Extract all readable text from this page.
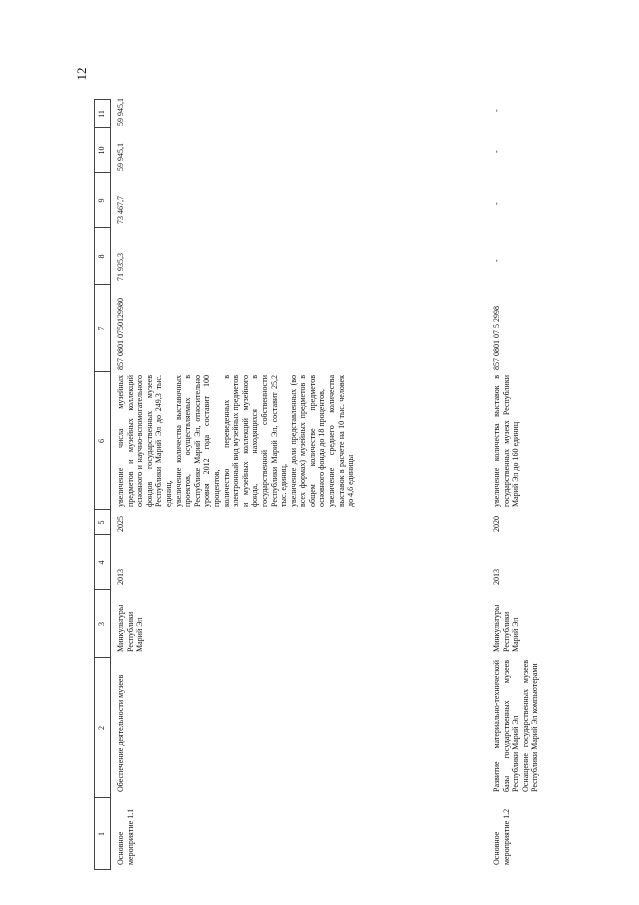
12
1
2
3
4
5
6
7
8
9
10
11
Основное мероприятие 1.1
Обеспечение деятельности музеев
Минкультуры Республики Марий Эл
2013
2025

увеличение числа музейных предметов и музейных коллекций основного и научно-вспомогательного фондов государственных музеев Республики Марий Эл до 249,3 тыс. единиц, увеличение количества выставочных проектов, осуществляемых в Республике Марий Эл, относительно уровня 2012 года составит 100 процентов, количество переведенных в электронный вид музейных предметов и музейных коллекций музейного фонда, находящихся в государственной собственности Республики Марий Эл, составит 25,2 тыс. единиц, увеличение доли представленных (во всех формах) музейных предметов в общем количестве предметов основного фонда до 18 процентов, увеличение среднего количества выставок в расчете на 10 тыс. человек до 4,6 единицы

857 0801 0750129980
71 935,3
73 467,7
59 945,1
59 945,1
Основное мероприятие 1.2

Развитие материально-технической базы государственных музеев Республики Марий Эл Оснащение государственных музеев Республики Марий Эл компьютерами

Минкультуры Республики Марий Эл
2013
2020
увеличение количества выставок в государственных музеях Республики Марий Эл до 160 единиц
857 0801 07 5 2998
-
-
-
-
